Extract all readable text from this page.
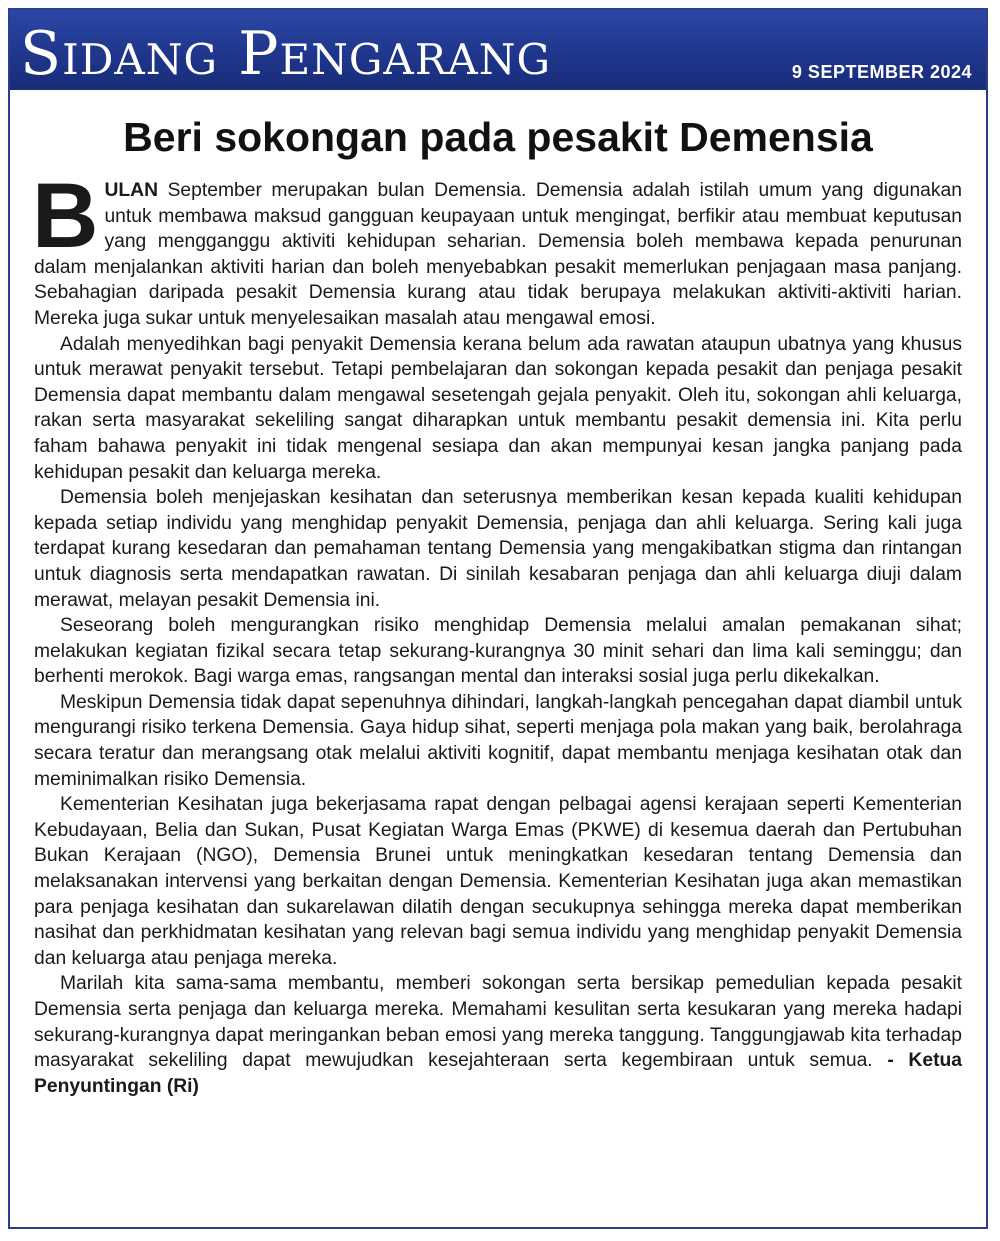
Sidang Pengarang	9 SEPTEMBER 2024
Beri sokongan pada pesakit Demensia

BULAN September merupakan bulan Demensia. Demensia adalah istilah umum yang digunakan untuk membawa maksud gangguan keupayaan untuk mengingat, berfikir atau membuat keputusan yang mengganggu aktiviti kehidupan seharian. Demensia boleh membawa kepada penurunan dalam menjalankan aktiviti harian dan boleh menyebabkan pesakit memerlukan penjagaan masa panjang. Sebahagian daripada pesakit Demensia kurang atau tidak berupaya melakukan aktiviti-aktiviti harian. Mereka juga sukar untuk menyelesaikan masalah atau mengawal emosi.

Adalah menyedihkan bagi penyakit Demensia kerana belum ada rawatan ataupun ubatnya yang khusus untuk merawat penyakit tersebut. Tetapi pembelajaran dan sokongan kepada pesakit dan penjaga pesakit Demensia dapat membantu dalam mengawal sesetengah gejala penyakit. Oleh itu, sokongan ahli keluarga, rakan serta masyarakat sekeliling sangat diharapkan untuk membantu pesakit demensia ini. Kita perlu faham bahawa penyakit ini tidak mengenal sesiapa dan akan mempunyai kesan jangka panjang pada kehidupan pesakit dan keluarga mereka.

Demensia boleh menjejaskan kesihatan dan seterusnya memberikan kesan kepada kualiti kehidupan kepada setiap individu yang menghidap penyakit Demensia, penjaga dan ahli keluarga. Sering kali juga terdapat kurang kesedaran dan pemahaman tentang Demensia yang mengakibatkan stigma dan rintangan untuk diagnosis serta mendapatkan rawatan. Di sinilah kesabaran penjaga dan ahli keluarga diuji dalam merawat, melayan pesakit Demensia ini.

Seseorang boleh mengurangkan risiko menghidap Demensia melalui amalan pemakanan sihat; melakukan kegiatan fizikal secara tetap sekurang-kurangnya 30 minit sehari dan lima kali seminggu; dan berhenti merokok. Bagi warga emas, rangsangan mental dan interaksi sosial juga perlu dikekalkan.

Meskipun Demensia tidak dapat sepenuhnya dihindari, langkah-langkah pencegahan dapat diambil untuk mengurangi risiko terkena Demensia. Gaya hidup sihat, seperti menjaga pola makan yang baik, berolahraga secara teratur dan merangsang otak melalui aktiviti kognitif, dapat membantu menjaga kesihatan otak dan meminimalkan risiko Demensia.

Kementerian Kesihatan juga bekerjasama rapat dengan pelbagai agensi kerajaan seperti Kementerian Kebudayaan, Belia dan Sukan, Pusat Kegiatan Warga Emas (PKWE) di kesemua daerah dan Pertubuhan Bukan Kerajaan (NGO), Demensia Brunei untuk meningkatkan kesedaran tentang Demensia dan melaksanakan intervensi yang berkaitan dengan Demensia. Kementerian Kesihatan juga akan memastikan para penjaga kesihatan dan sukarelawan dilatih dengan secukupnya sehingga mereka dapat memberikan nasihat dan perkhidmatan kesihatan yang relevan bagi semua individu yang menghidap penyakit Demensia dan keluarga atau penjaga mereka.

Marilah kita sama-sama membantu, memberi sokongan serta bersikap pemedulian kepada pesakit Demensia serta penjaga dan keluarga mereka. Memahami kesulitan serta kesukaran yang mereka hadapi sekurang-kurangnya dapat meringankan beban emosi yang mereka tanggung. Tanggungjawab kita terhadap masyarakat sekeliling dapat mewujudkan kesejahteraan serta kegembiraan untuk semua. - Ketua Penyuntingan (Ri)
